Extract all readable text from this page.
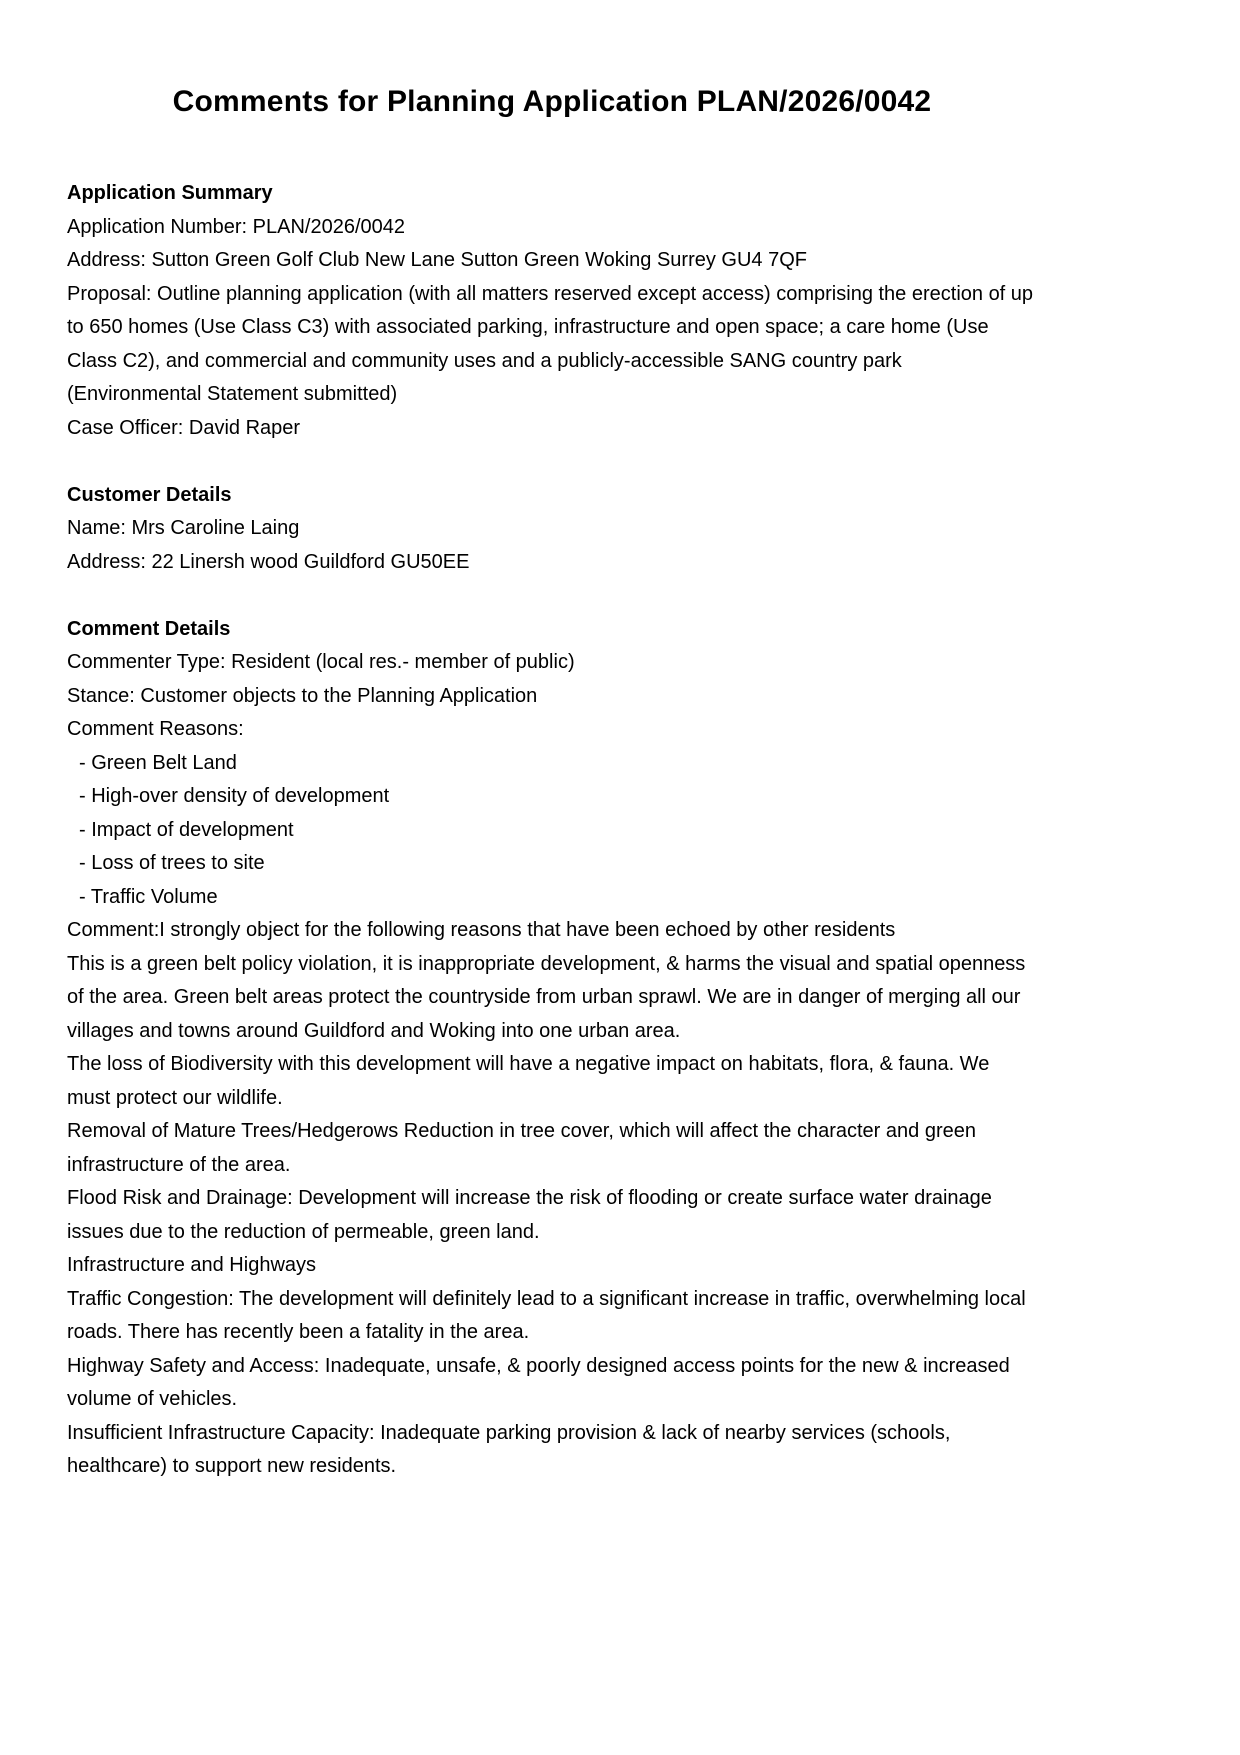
Comments for Planning Application PLAN/2026/0042
Application Summary

Application Number: PLAN/2026/0042

Address: Sutton Green Golf Club New Lane Sutton Green Woking Surrey GU4 7QF

Proposal: Outline planning application (with all matters reserved except access) comprising the erection of up to 650 homes (Use Class C3) with associated parking, infrastructure and open space; a care home (Use Class C2), and commercial and community uses and a publicly-accessible SANG country park (Environmental Statement submitted)

Case Officer: David Raper

Customer Details

Name: Mrs Caroline Laing

Address: 22 Linersh wood Guildford GU50EE

Comment Details

Commenter Type: Resident (local res.- member of public)

Stance: Customer objects to the Planning Application

Comment Reasons:

- Green Belt Land

- High-over density of development

- Impact of development

- Loss of trees to site

- Traffic Volume

Comment:I strongly object for the following reasons that have been echoed by other residents

This is a green belt policy violation, it is inappropriate development, & harms the visual and spatial openness of the area. Green belt areas protect the countryside from urban sprawl. We are in danger of merging all our villages and towns around Guildford and Woking into one urban area.

The loss of Biodiversity with this development will have a negative impact on habitats, flora, & fauna. We must protect our wildlife.

Removal of Mature Trees/Hedgerows Reduction in tree cover, which will affect the character and green infrastructure of the area.

Flood Risk and Drainage: Development will increase the risk of flooding or create surface water drainage issues due to the reduction of permeable, green land.

Infrastructure and Highways

Traffic Congestion: The development will definitely lead to a significant increase in traffic, overwhelming local roads. There has recently been a fatality in the area.

Highway Safety and Access: Inadequate, unsafe, & poorly designed access points for the new & increased volume of vehicles.

Insufficient Infrastructure Capacity: Inadequate parking provision & lack of nearby services (schools, healthcare) to support new residents.
